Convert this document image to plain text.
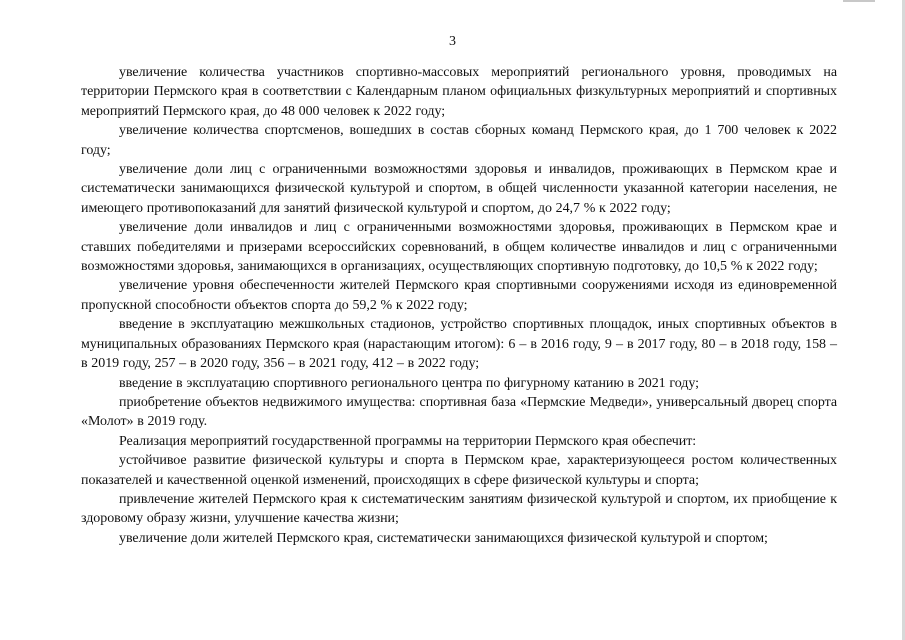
3

увеличение количества участников спортивно-массовых мероприятий регионального уровня, проводимых на территории Пермского края в соответствии с Календарным планом официальных физкультурных мероприятий и спортивных мероприятий Пермского края, до 48 000 человек к 2022 году;

увеличение количества спортсменов, вошедших в состав сборных команд Пермского края, до 1 700 человек к 2022 году;

увеличение доли лиц с ограниченными возможностями здоровья и инвалидов, проживающих в Пермском крае и систематически занимающихся физической культурой и спортом, в общей численности указанной категории населения, не имеющего противопоказаний для занятий физической культурой и спортом, до 24,7 % к 2022 году;

увеличение доли инвалидов и лиц с ограниченными возможностями здоровья, проживающих в Пермском крае и ставших победителями и призерами всероссийских соревнований, в общем количестве инвалидов и лиц с ограниченными возможностями здоровья, занимающихся в организациях, осуществляющих спортивную подготовку, до 10,5 % к 2022 году;

увеличение уровня обеспеченности жителей Пермского края спортивными сооружениями исходя из единовременной пропускной способности объектов спорта до 59,2 % к 2022 году;

введение в эксплуатацию межшкольных стадионов, устройство спортивных площадок, иных спортивных объектов в муниципальных образованиях Пермского края (нарастающим итогом): 6 – в 2016 году, 9 – в 2017 году, 80 – в 2018 году, 158 – в 2019 году, 257 – в 2020 году, 356 – в 2021 году, 412 – в 2022 году;

введение в эксплуатацию спортивного регионального центра по фигурному катанию в 2021 году;

приобретение объектов недвижимого имущества: спортивная база «Пермские Медведи», универсальный дворец спорта «Молот» в 2019 году.

Реализация мероприятий государственной программы на территории Пермского края обеспечит:

устойчивое развитие физической культуры и спорта в Пермском крае, характеризующееся ростом количественных показателей и качественной оценкой изменений, происходящих в сфере физической культуры и спорта;

привлечение жителей Пермского края к систематическим занятиям физической культурой и спортом, их приобщение к здоровому образу жизни, улучшение качества жизни;

увеличение доли жителей Пермского края, систематически занимающихся физической культурой и спортом;
